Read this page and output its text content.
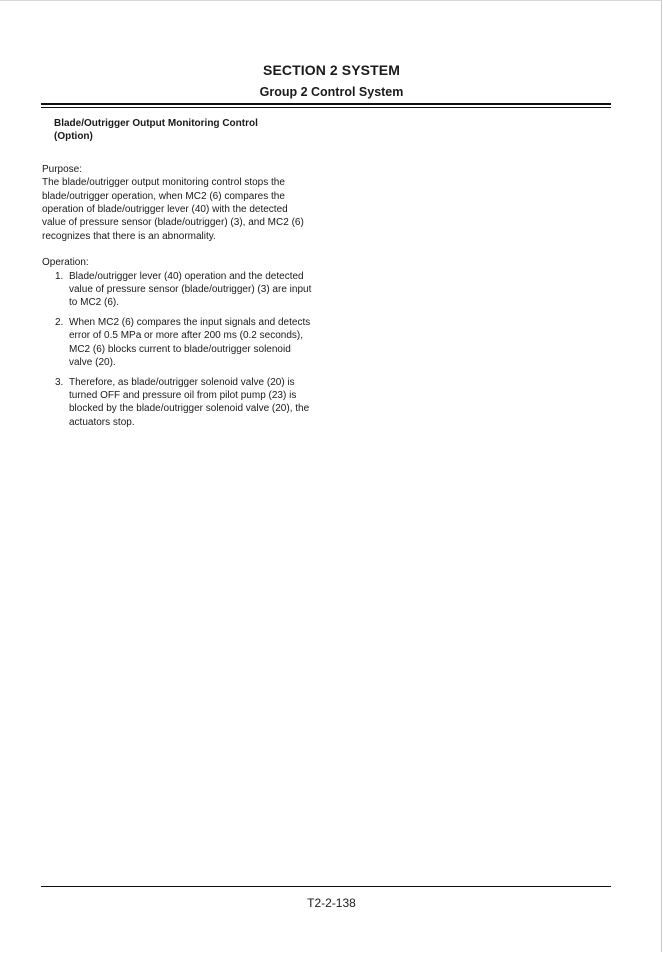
SECTION 2 SYSTEM
Group 2 Control System
Blade/Outrigger Output Monitoring Control
(Option)
Purpose:

The blade/outrigger output monitoring control stops the blade/outrigger operation, when MC2 (6) compares the operation of blade/outrigger lever (40) with the detected value of pressure sensor (blade/outrigger) (3), and MC2 (6) recognizes that there is an abnormality.

Operation:
1. Blade/outrigger lever (40) operation and the detected value of pressure sensor (blade/outrigger) (3) are input to MC2 (6).
2. When MC2 (6) compares the input signals and detects error of 0.5 MPa or more after 200 ms (0.2 seconds), MC2 (6) blocks current to blade/outrigger solenoid valve (20).
3. Therefore, as blade/outrigger solenoid valve (20) is turned OFF and pressure oil from pilot pump (23) is blocked by the blade/outrigger solenoid valve (20), the actuators stop.
T2-2-138
